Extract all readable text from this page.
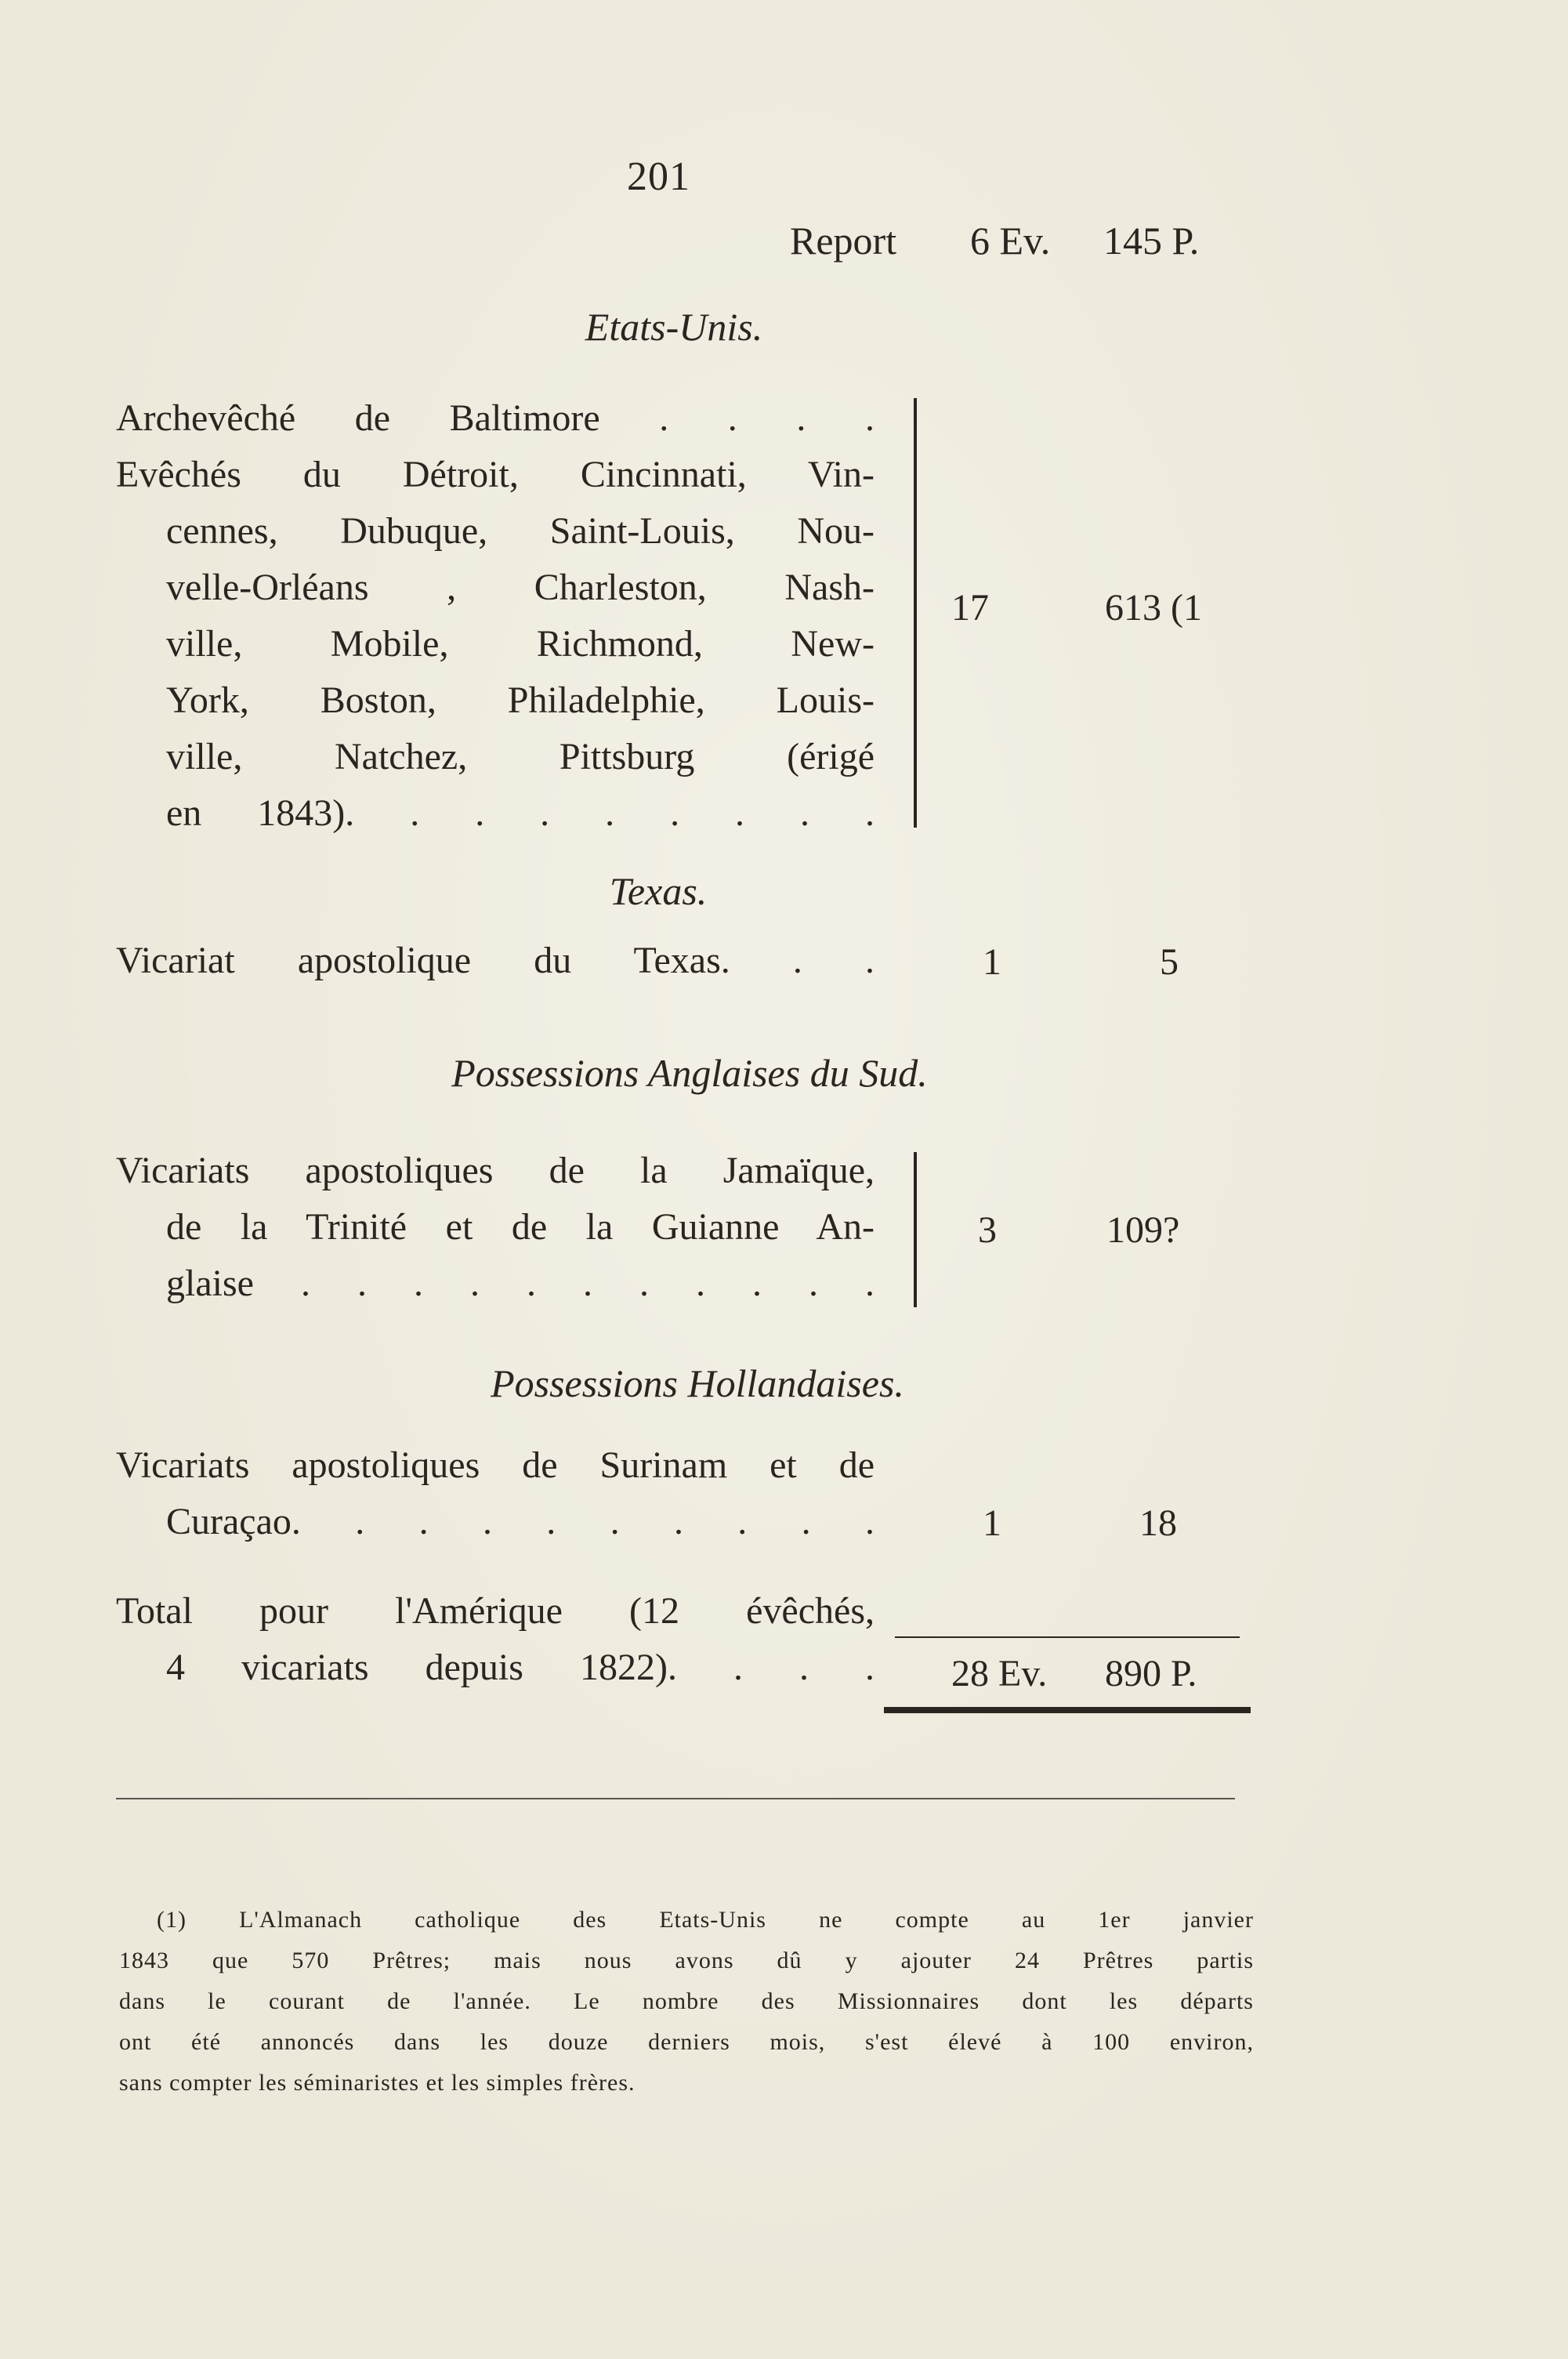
201
Report 6 Ev. 145 P.
Etats-Unis.
Archevêché de Baltimore . . . .
Evêchés du Détroit, Cincinnati, Vin-
cennes, Dubuque, Saint-Louis, Nou-
velle-Orléans , Charleston, Nash-
ville, Mobile, Richmond, New-
York, Boston, Philadelphie, Louis-
ville, Natchez, Pittsburg (érigé
en 1843). . . . . . . . .
17	613 (1
Texas.
Vicariat apostolique du Texas. . .	1	5
Possessions Anglaises du Sud.
Vicariats apostoliques de la Jamaïque,
de la Trinité et de la Guianne An-
glaise . . . . . . . . . . .
3	109?
Possessions Hollandaises.
Vicariats apostoliques de Surinam et de
Curaçao. . . . . . . . . .	1	18
Total pour l'Amérique (12 évêchés,
4 vicariats depuis 1822). . . . 28 Ev. 890 P.
(1) L'Almanach catholique des Etats-Unis ne compte au 1er janvier
1843 que 570 Prêtres; mais nous avons dû y ajouter 24 Prêtres partis
dans le courant de l'année. Le nombre des Missionnaires dont les départs
ont été annoncés dans les douze derniers mois, s'est élevé à 100 environ,
sans compter les séminaristes et les simples frères.
